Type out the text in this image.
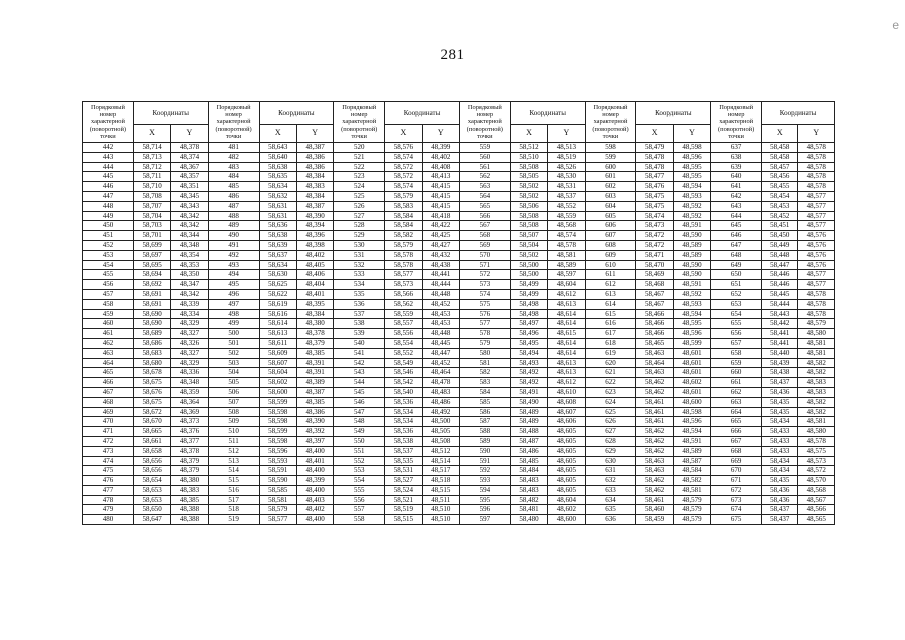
281
e
Порядковый номер характерной (поворотной) точки	Координаты		Порядковый номер характерной (поворотной) точки	Координаты		Порядковый номер характерной (поворотной) точки	Координаты		Порядковый номер характерной (поворотной) точки	Координаты		Порядковый номер характерной (поворотной) точки	Координаты		Порядковый номер характерной (поворотной) точки	Координаты	
	X	Y		X	Y		X	Y		X	Y		X	Y		X	Y
442	58,714	48,378	481	58,643	48,387	520	58,576	48,399	559	58,512	48,513	598	58,479	48,598	637	58,458	48,578
443	58,713	48,374	482	58,640	48,386	521	58,574	48,402	560	58,510	48,519	599	58,478	48,596	638	58,458	48,578
444	58,712	48,367	483	58,638	48,386	522	58,572	48,408	561	58,508	48,526	600	58,478	48,595	639	58,457	48,578
445	58,711	48,357	484	58,635	48,384	523	58,572	48,413	562	58,505	48,530	601	58,477	48,595	640	58,456	48,578
446	58,710	48,351	485	58,634	48,383	524	58,574	48,415	563	58,502	48,531	602	58,476	48,594	641	58,455	48,578
447	58,708	48,345	486	58,632	48,384	525	58,579	48,415	564	58,502	48,537	603	58,475	48,593	642	58,454	48,577
448	58,707	48,343	487	58,631	48,387	526	58,583	48,415	565	58,506	48,552	604	58,475	48,592	643	58,453	48,577
449	58,704	48,342	488	58,631	48,390	527	58,584	48,418	566	58,508	48,559	605	58,474	48,592	644	58,452	48,577
450	58,703	48,342	489	58,636	48,394	528	58,584	48,422	567	58,508	48,568	606	58,473	48,591	645	58,451	48,577
451	58,701	48,344	490	58,638	48,396	529	58,582	48,425	568	58,507	48,574	607	58,472	48,590	646	58,450	48,576
452	58,699	48,348	491	58,639	48,398	530	58,579	48,427	569	58,504	48,578	608	58,472	48,589	647	58,449	48,576
453	58,697	48,354	492	58,637	48,402	531	58,578	48,432	570	58,502	48,581	609	58,471	48,589	648	58,448	48,576
454	58,695	48,353	493	58,634	48,405	532	58,578	48,438	571	58,500	48,589	610	58,470	48,590	649	58,447	48,576
455	58,694	48,350	494	58,630	48,406	533	58,577	48,441	572	58,500	48,597	611	58,469	48,590	650	58,446	48,577
456	58,692	48,347	495	58,625	48,404	534	58,573	48,444	573	58,499	48,604	612	58,468	48,591	651	58,446	48,577
457	58,691	48,342	496	58,622	48,401	535	58,566	48,448	574	58,499	48,612	613	58,467	48,592	652	58,445	48,578
458	58,691	48,339	497	58,619	48,395	536	58,562	48,452	575	58,498	48,613	614	58,467	48,593	653	58,444	48,578
459	58,690	48,334	498	58,616	48,384	537	58,559	48,453	576	58,498	48,614	615	58,466	48,594	654	58,443	48,578
460	58,690	48,329	499	58,614	48,380	538	58,557	48,453	577	58,497	48,614	616	58,466	48,595	655	58,442	48,579
461	58,689	48,327	500	58,613	48,378	539	58,556	48,448	578	58,496	48,615	617	58,466	48,596	656	58,441	48,580
462	58,686	48,326	501	58,611	48,379	540	58,554	48,445	579	58,495	48,614	618	58,465	48,599	657	58,441	48,581
463	58,683	48,327	502	58,609	48,385	541	58,552	48,447	580	58,494	48,614	619	58,463	48,601	658	58,440	48,581
464	58,680	48,329	503	58,607	48,391	542	58,549	48,452	581	58,493	48,613	620	58,464	48,601	659	58,439	48,582
465	58,678	48,336	504	58,604	48,391	543	58,546	48,464	582	58,492	48,613	621	58,463	48,601	660	58,438	48,582
466	58,675	48,348	505	58,602	48,389	544	58,542	48,478	583	58,492	48,612	622	58,462	48,602	661	58,437	48,583
467	58,676	48,359	506	58,600	48,387	545	58,540	48,483	584	58,491	48,610	623	58,462	48,601	662	58,436	48,583
468	58,675	48,364	507	58,599	48,385	546	58,536	48,486	585	58,490	48,608	624	58,461	48,600	663	58,435	48,582
469	58,672	48,369	508	58,598	48,386	547	58,534	48,492	586	58,489	48,607	625	58,461	48,598	664	58,435	48,582
470	58,670	48,373	509	58,598	48,390	548	58,534	48,500	587	58,489	48,606	626	58,461	48,596	665	58,434	48,581
471	58,665	48,376	510	58,599	48,392	549	58,536	48,505	588	58,488	48,605	627	58,462	48,594	666	58,433	48,580
472	58,661	48,377	511	58,598	48,397	550	58,538	48,508	589	58,487	48,605	628	58,462	48,591	667	58,433	48,578
473	58,658	48,378	512	58,596	48,400	551	58,537	48,512	590	58,486	48,605	629	58,462	48,589	668	58,433	48,575
474	58,656	48,379	513	58,593	48,401	552	58,535	48,514	591	58,485	48,605	630	58,463	48,587	669	58,434	48,573
475	58,656	48,379	514	58,591	48,400	553	58,531	48,517	592	58,484	48,605	631	58,463	48,584	670	58,434	48,572
476	58,654	48,380	515	58,590	48,399	554	58,527	48,518	593	58,483	48,605	632	58,462	48,582	671	58,435	48,570
477	58,653	48,383	516	58,585	48,400	555	58,524	48,515	594	58,483	48,605	633	58,462	48,581	672	58,436	48,568
478	58,653	48,385	517	58,581	48,403	556	58,521	48,511	595	58,482	48,604	634	58,461	48,579	673	58,436	48,567
479	58,650	48,388	518	58,579	48,402	557	58,519	48,510	596	58,481	48,602	635	58,460	48,579	674	58,437	48,566
480	58,647	48,388	519	58,577	48,400	558	58,515	48,510	597	58,480	48,600	636	58,459	48,579	675	58,437	48,565
